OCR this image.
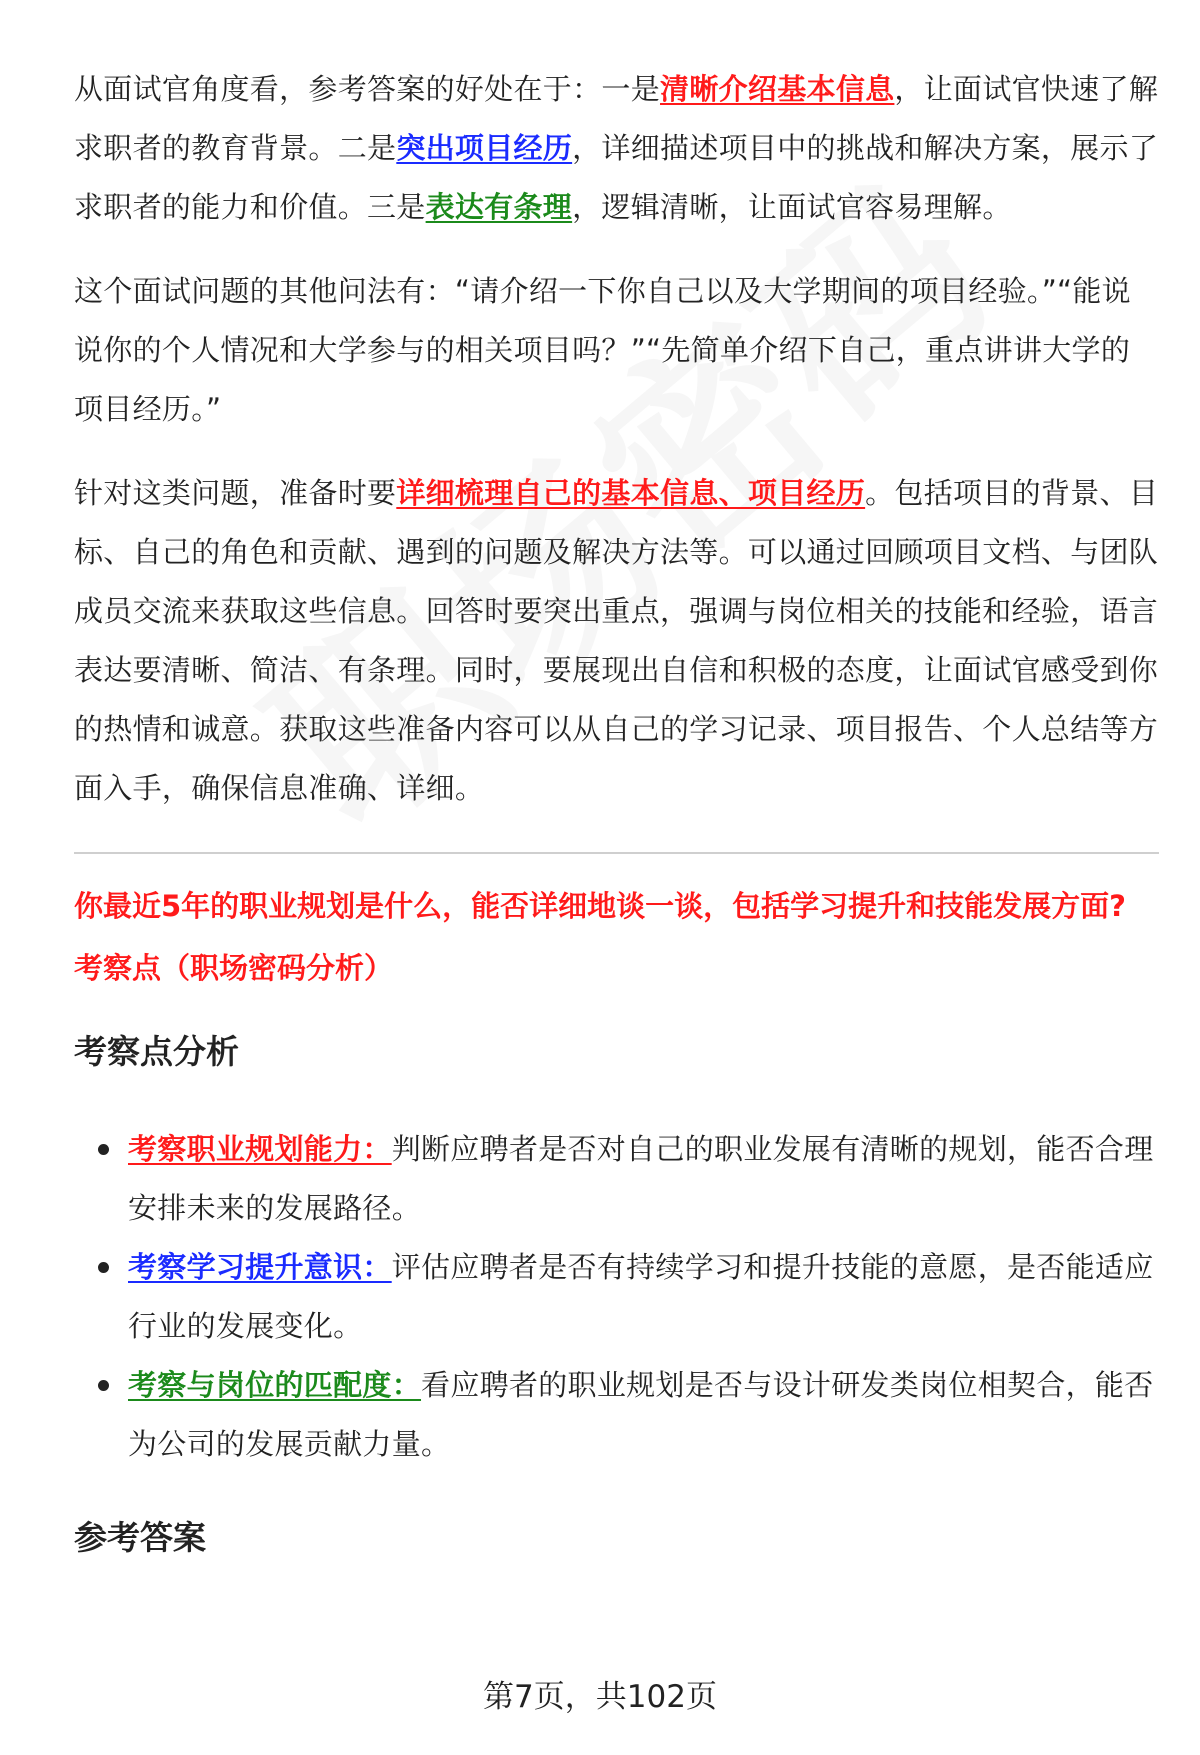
从面试官角度看，参考答案的好处在于：一是清晰介绍基本信息，让面试官快速了解求职者的教育背景。二是突出项目经历，详细描述项目中的挑战和解决方案，展示了求职者的能力和价值。三是表达有条理，逻辑清晰，让面试官容易理解。

这个面试问题的其他问法有：“请介绍一下你自己以及大学期间的项目经验。”“能说说你的个人情况和大学参与的相关项目吗？”“先简单介绍下自己，重点讲讲大学的项目经历。”

针对这类问题，准备时要详细梳理自己的基本信息、项目经历。包括项目的背景、目标、自己的角色和贡献、遇到的问题及解决方法等。可以通过回顾项目文档、与团队成员交流来获取这些信息。回答时要突出重点，强调与岗位相关的技能和经验，语言表达要清晰、简洁、有条理。同时，要展现出自信和积极的态度，让面试官感受到你的热情和诚意。获取这些准备内容可以从自己的学习记录、项目报告、个人总结等方面入手，确保信息准确、详细。

你最近5年的职业规划是什么，能否详细地谈一谈，包括学习提升和技能发展方面?

考察点（职场密码分析）

考察点分析
考察职业规划能力：判断应聘者是否对自己的职业发展有清晰的规划，能否合理安排未来的发展路径。
考察学习提升意识：评估应聘者是否有持续学习和提升技能的意愿，是否能适应行业的发展变化。
考察与岗位的匹配度：看应聘者的职业规划是否与设计研发类岗位相契合，能否为公司的发展贡献力量。
参考答案
第7页，共102页
